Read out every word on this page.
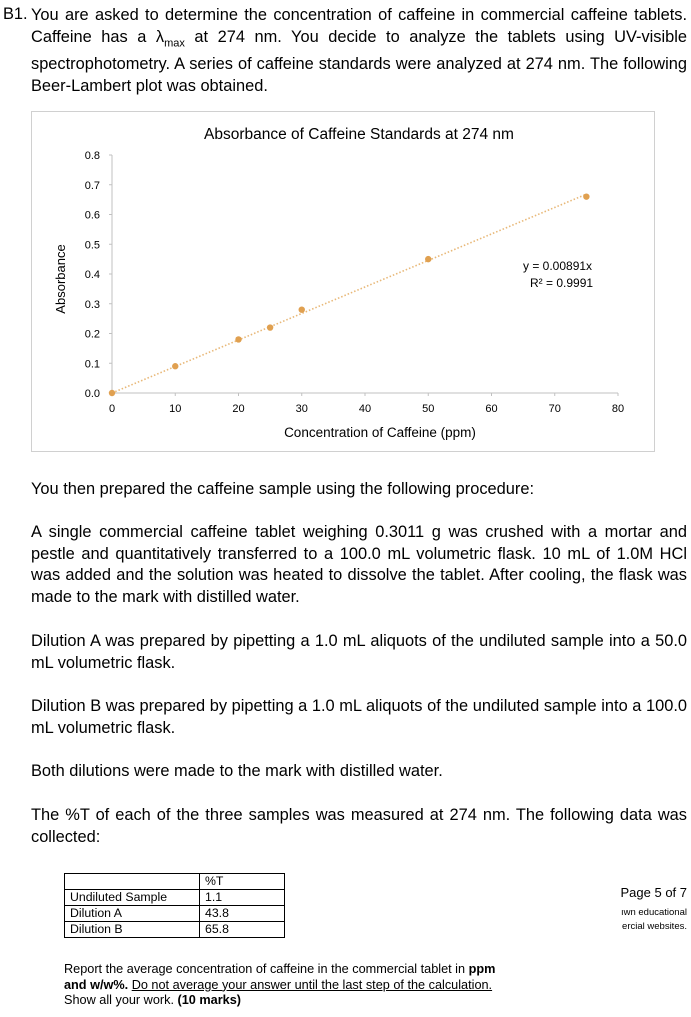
B1. You are asked to determine the concentration of caffeine in commercial caffeine tablets. Caffeine has a $\lambda_{max}$ at 274 nm. You decide to analyze the tablets using UV-visible spectrophotometry. A series of caffeine standards were analyzed at 274 nm. The following Beer-Lambert plot was obtained.
Absorbance of Caffeine Standards at 274 nm
Concentration of Caffeine (ppm)
Absorbance	y = 0.00891x
R² = 0.9991
0.0
0.1
0.2
0.3
0.4
0.5
0.6
0.7
0.8
0	10	20	30	40	50	60	70	80
You then prepared the caffeine sample using the following procedure:
A single commercial caffeine tablet weighing 0.3011 g was crushed with a mortar and pestle and quantitatively transferred to a 100.0 mL volumetric flask. 10 mL of 1.0M HCl was added and the solution was heated to dissolve the tablet. After cooling, the flask was made to the mark with distilled water.
Dilution A was prepared by pipetting a 1.0 mL aliquots of the undiluted sample into a 50.0 mL volumetric flask.
Dilution B was prepared by pipetting a 1.0 mL aliquots of the undiluted sample into a 100.0 mL volumetric flask.
Both dilutions were made to the mark with distilled water.
The %T of each of the three samples was measured at 274 nm. The following data was collected:
	%T
Undiluted Sample	1.1
Dilution A	43.8
Dilution B	65.8
Page 5 of 7
ıwn educational
ercial websites.
Report the average concentration of caffeine in the commercial tablet in ppm
and w/w%. Do not average your answer until the last step of the calculation.
Show all your work. (10 marks)
